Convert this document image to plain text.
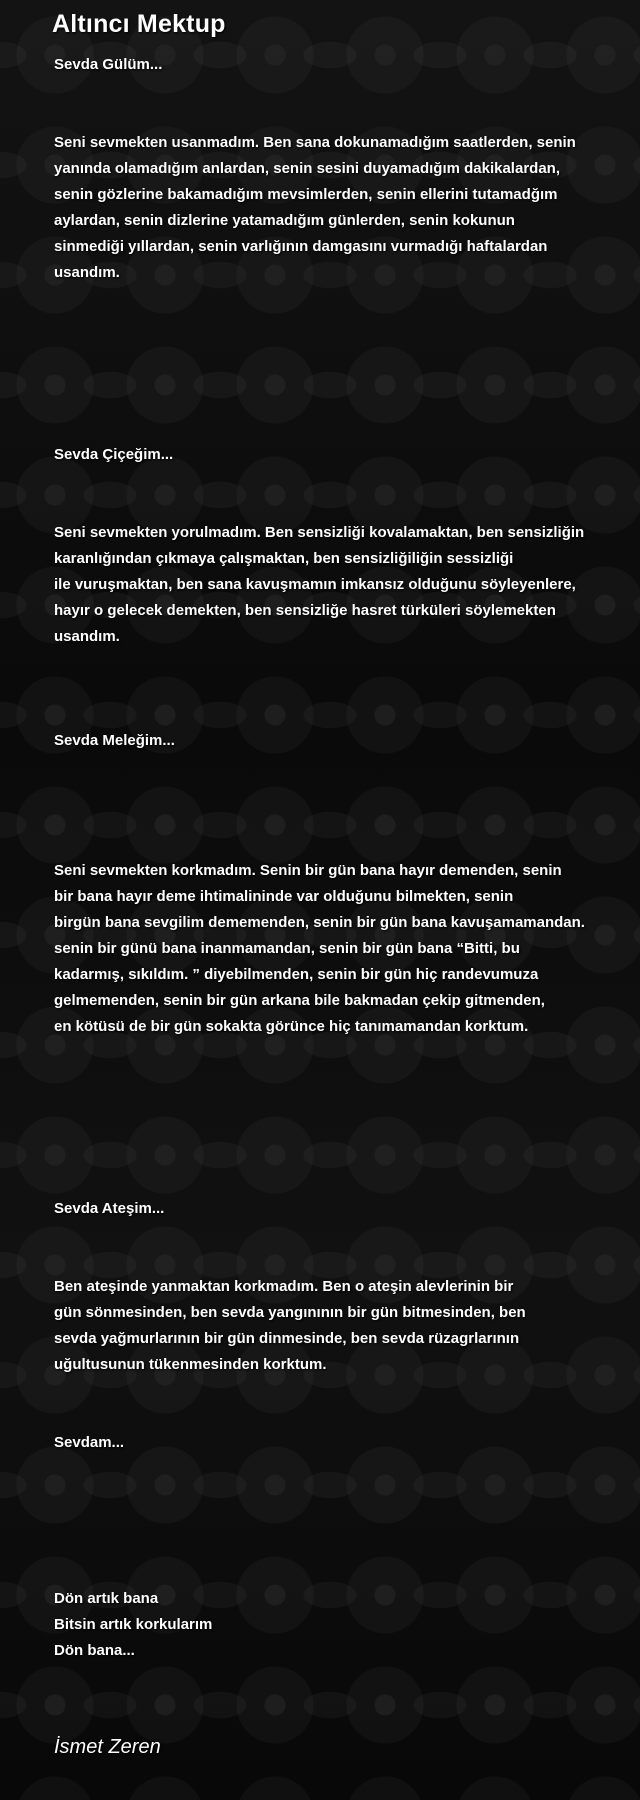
Altıncı Mektup
Sevda Gülüm...
Seni sevmekten usanmadım. Ben sana dokunamadığım saatlerden, senin
yanında olamadığım anlardan, senin sesini duyamadığım dakikalardan,
senin gözlerine bakamadığım mevsimlerden, senin ellerini tutamadğım
aylardan, senin dizlerine yatamadığım günlerden, senin kokunun
sinmediği yıllardan, senin varlığının damgasını vurmadığı haftalardan
usandım.
Sevda Çiçeğim...
Seni sevmekten yorulmadım. Ben sensizliği kovalamaktan, ben sensizliğin
karanlığından çıkmaya çalışmaktan, ben sensizliğiliğin sessizliği
ile vuruşmaktan, ben sana kavuşmamın imkansız olduğunu söyleyenlere,
hayır o gelecek demekten, ben sensizliğe hasret türküleri söylemekten
usandım.
Sevda Meleğim...
Seni sevmekten korkmadım. Senin bir gün bana hayır demenden, senin
bir bana hayır deme ihtimalininde var olduğunu bilmekten, senin
birgün bana sevgilim dememenden, senin bir gün bana kavuşamamandan.
senin bir günü bana inanmamandan, senin bir gün bana “Bitti, bu
kadarmış, sıkıldım. ” diyebilmenden, senin bir gün hiç randevumuza
gelmemenden, senin bir gün arkana bile bakmadan çekip gitmenden,
en kötüsü de bir gün sokakta görünce hiç tanımamandan korktum.
Sevda Ateşim...
Ben ateşinde yanmaktan korkmadım. Ben o ateşin alevlerinin bir
gün sönmesinden, ben sevda yangınının bir gün bitmesinden, ben
sevda yağmurlarının bir gün dinmesinde, ben sevda rüzagrlarının
uğultusunun tükenmesinden korktum.
Sevdam...
Dön artık bana
Bitsin artık korkularım
Dön bana...

İsmet Zeren
